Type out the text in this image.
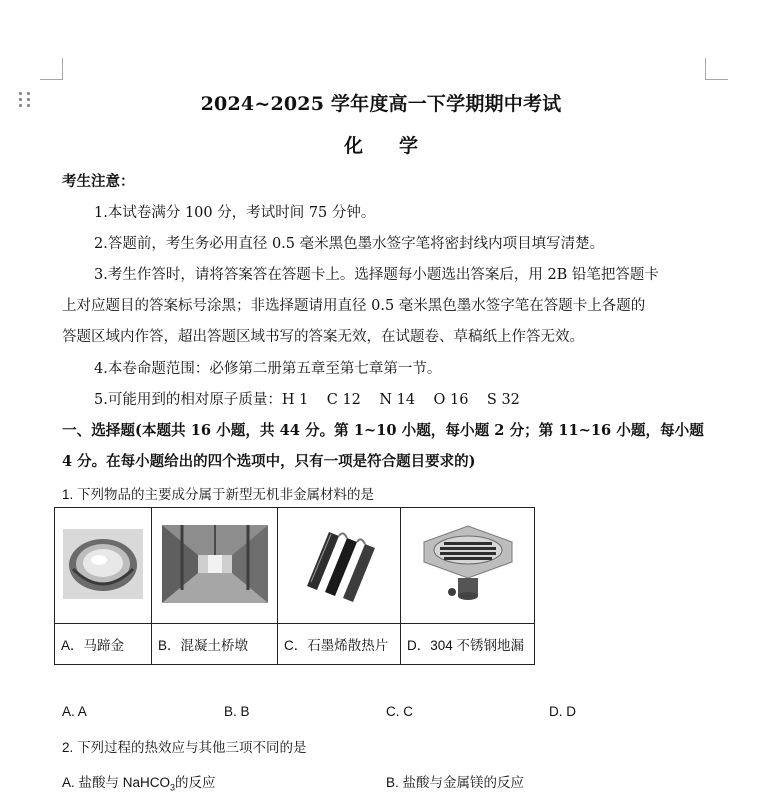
2024~2025 学年度高一下学期期中考试
化 学
考生注意：
1.本试卷满分 100 分，考试时间 75 分钟。
2.答题前，考生务必用直径 0.5 毫米黑色墨水签字笔将密封线内项目填写清楚。
3.考生作答时，请将答案答在答题卡上。选择题每小题选出答案后，用 2B 铅笔把答题卡
上对应题目的答案标号涂黑；非选择题请用直径 0.5 毫米黑色墨水签字笔在答题卡上各题的
答题区域内作答，超出答题区域书写的答案无效，在试题卷、草稿纸上作答无效。
4.本卷命题范围：必修第二册第五章至第七章第一节。
5.可能用到的相对原子质量：H 1    C 12    N 14    O 16    S 32
一、选择题(本题共 16 小题，共 44 分。第 1~10 小题，每小题 2 分；第 11~16 小题，每小题
4 分。在每小题给出的四个选项中，只有一项是符合题目要求的)
1. 下列物品的主要成分属于新型无机非金属材料的是

A．马蹄金	B．混凝土桥墩	C．石墨烯散热片	D．304 不锈钢地漏
A. A	B. B	C. C	D. D
2. 下列过程的热效应与其他三项不同的是
A. 盐酸与 NaHCO$_3$的反应	B. 盐酸与金属镁的反应
